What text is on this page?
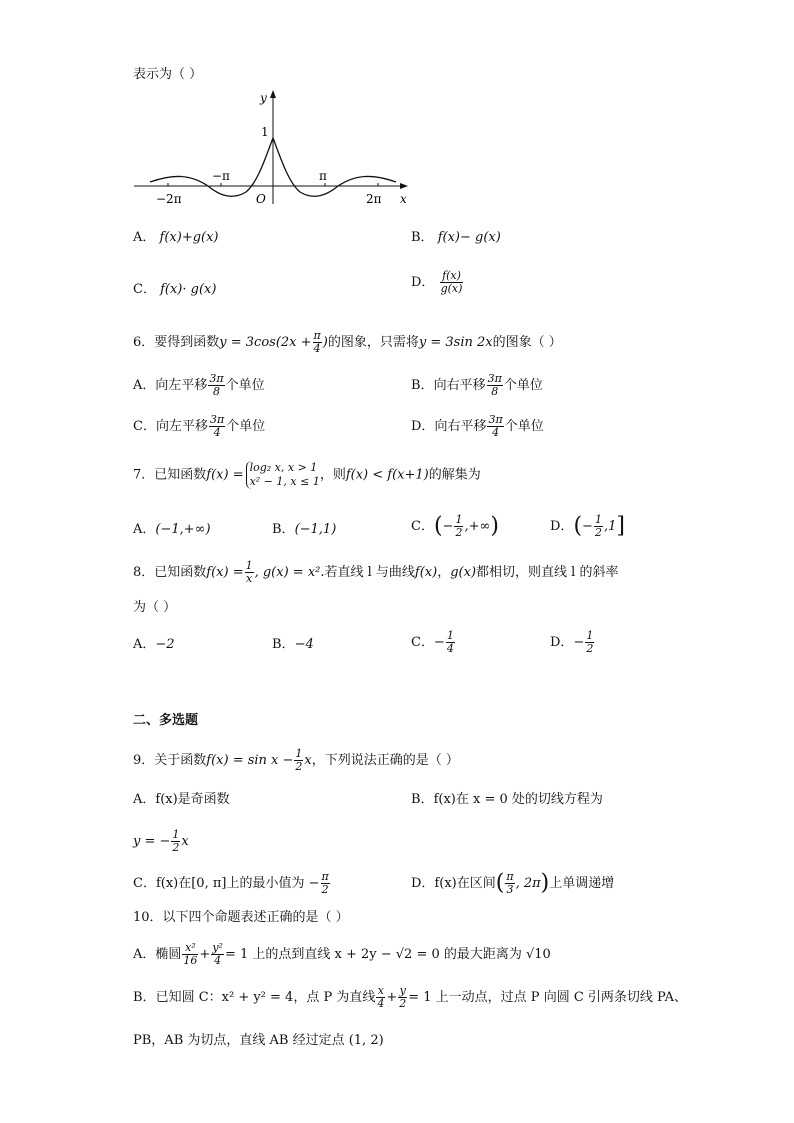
表示为（ ）
y
1
−π	π
−2π	O	2π x
A． f(x)+g(x)	B． f(x)− g(x)
C． f(x)· g(x)	D． $\frac{f(x)}{g(x)}$
6．要得到函数$y = 3\cos(2x + \frac{\pi}{4}$ )的图象，只需将y = 3sin 2x的图象（ ）
A．向左平移 $\frac{3\pi}{8}$ 个单位	B．向右平移 $\frac{3\pi}{8}$ 个单位
C．向左平移 $\frac{3\pi}{4}$ 个单位	D．向右平移 $\frac{3\pi}{4}$ 个单位
7．已知函数f(x) = log₂ x, x > 1
x² − 1, x ≤ 1 ，则f(x) < f(x+1)的解集为
A．(−1,+∞)	B．(−1,1)	C．(− $\frac{1}{2}$ ,+∞)	D．(− $\frac{1}{2} ,1$]
8．已知函数$f(x) = \frac{1}{x}$ , g(x) = x².若直线 l 与曲线f(x)，g(x)都相切，则直线 l 的斜率
为（ ）
A．−2	B．−4	C．− $\frac{1}{4}$	D．− $\frac{1}{2}$
二、多选题
9．关于函数$f(x) = \sin x - \frac{1}{2}$ x，下列说法正确的是（ ）
A．f(x)是奇函数	B．f(x)在 x = 0 处的切线方程为
y = − $\frac{1}{2}$ x
C．f(x)在[0, π]上的最小值为 − $\frac{\pi}{2}$	D．f(x)在区间( $\frac{\pi}{3}$ , 2π)上单调递增
10．以下四个命题表述正确的是（ ）
A．椭圆 $\frac{\text{x²}}{16} + \frac{\text{y²}}{4} = 1$ 上的点到直线 x + 2y − √2 = 0 的最大距离为 √10
B．已知圆 C：x² + y² = 4，点 P 为直线 $\frac{x}{4} + \frac{y}{2} = 1$ 上一动点，过点 P 向圆 C 引两条切线 PA、
PB，AB 为切点，直线 AB 经过定点 (1, 2)
